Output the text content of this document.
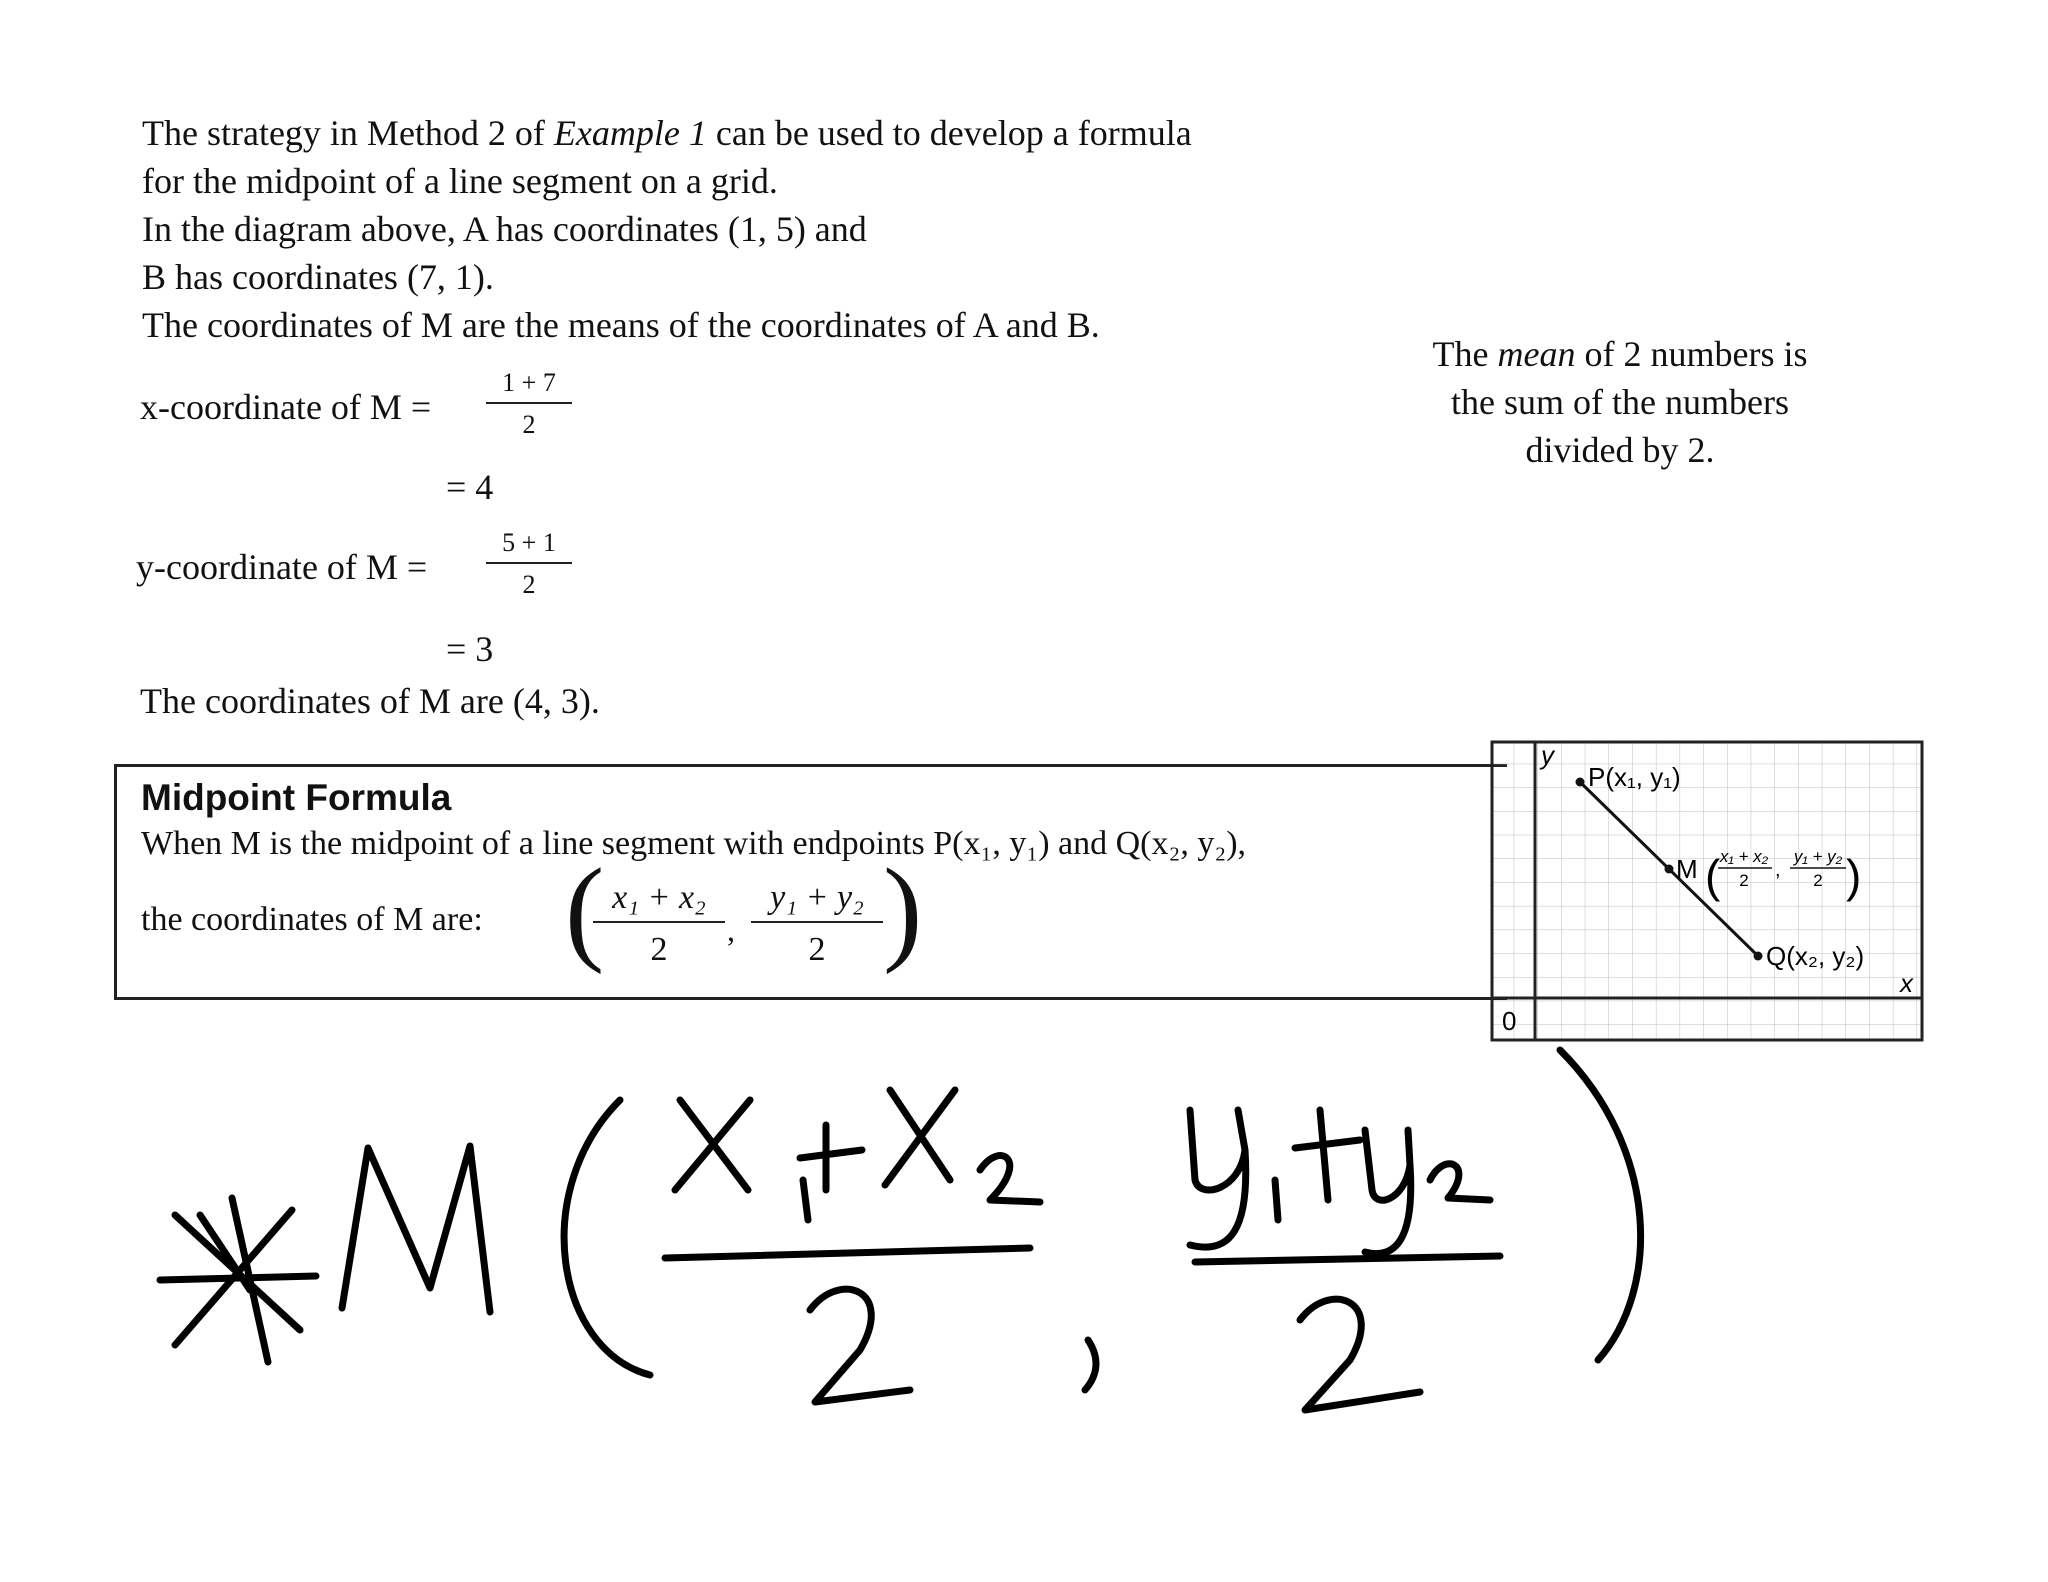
The strategy in Method 2 of Example 1 can be used to develop a formula
for the midpoint of a line segment on a grid.
In the diagram above, A has coordinates (1, 5) and
B has coordinates (7, 1).
The coordinates of M are the means of the coordinates of A and B.
x-coordinate of $M = \frac{1 + 7}{2}$
= 4
y-coordinate of $M = \frac{5 + 1}{2}$
= 3
The coordinates of M are (4, 3).
The mean of 2 numbers is
the sum of the numbers
divided by 2.
Midpoint Formula
When M is the midpoint of a line segment with endpoints P(x₁, y₁) and Q(x₂, y₂),
the coordinates of M are: (
$\frac{\text{x₁ + x₂}}{2}$ , $\frac{\text{y₁ + y₂}}{2}$ )
y
x
0
P(x₁, y₁)
M ( x₁ + x₂
2 ,
y₁ + y₂
2 )
Q(x₂, y₂)
